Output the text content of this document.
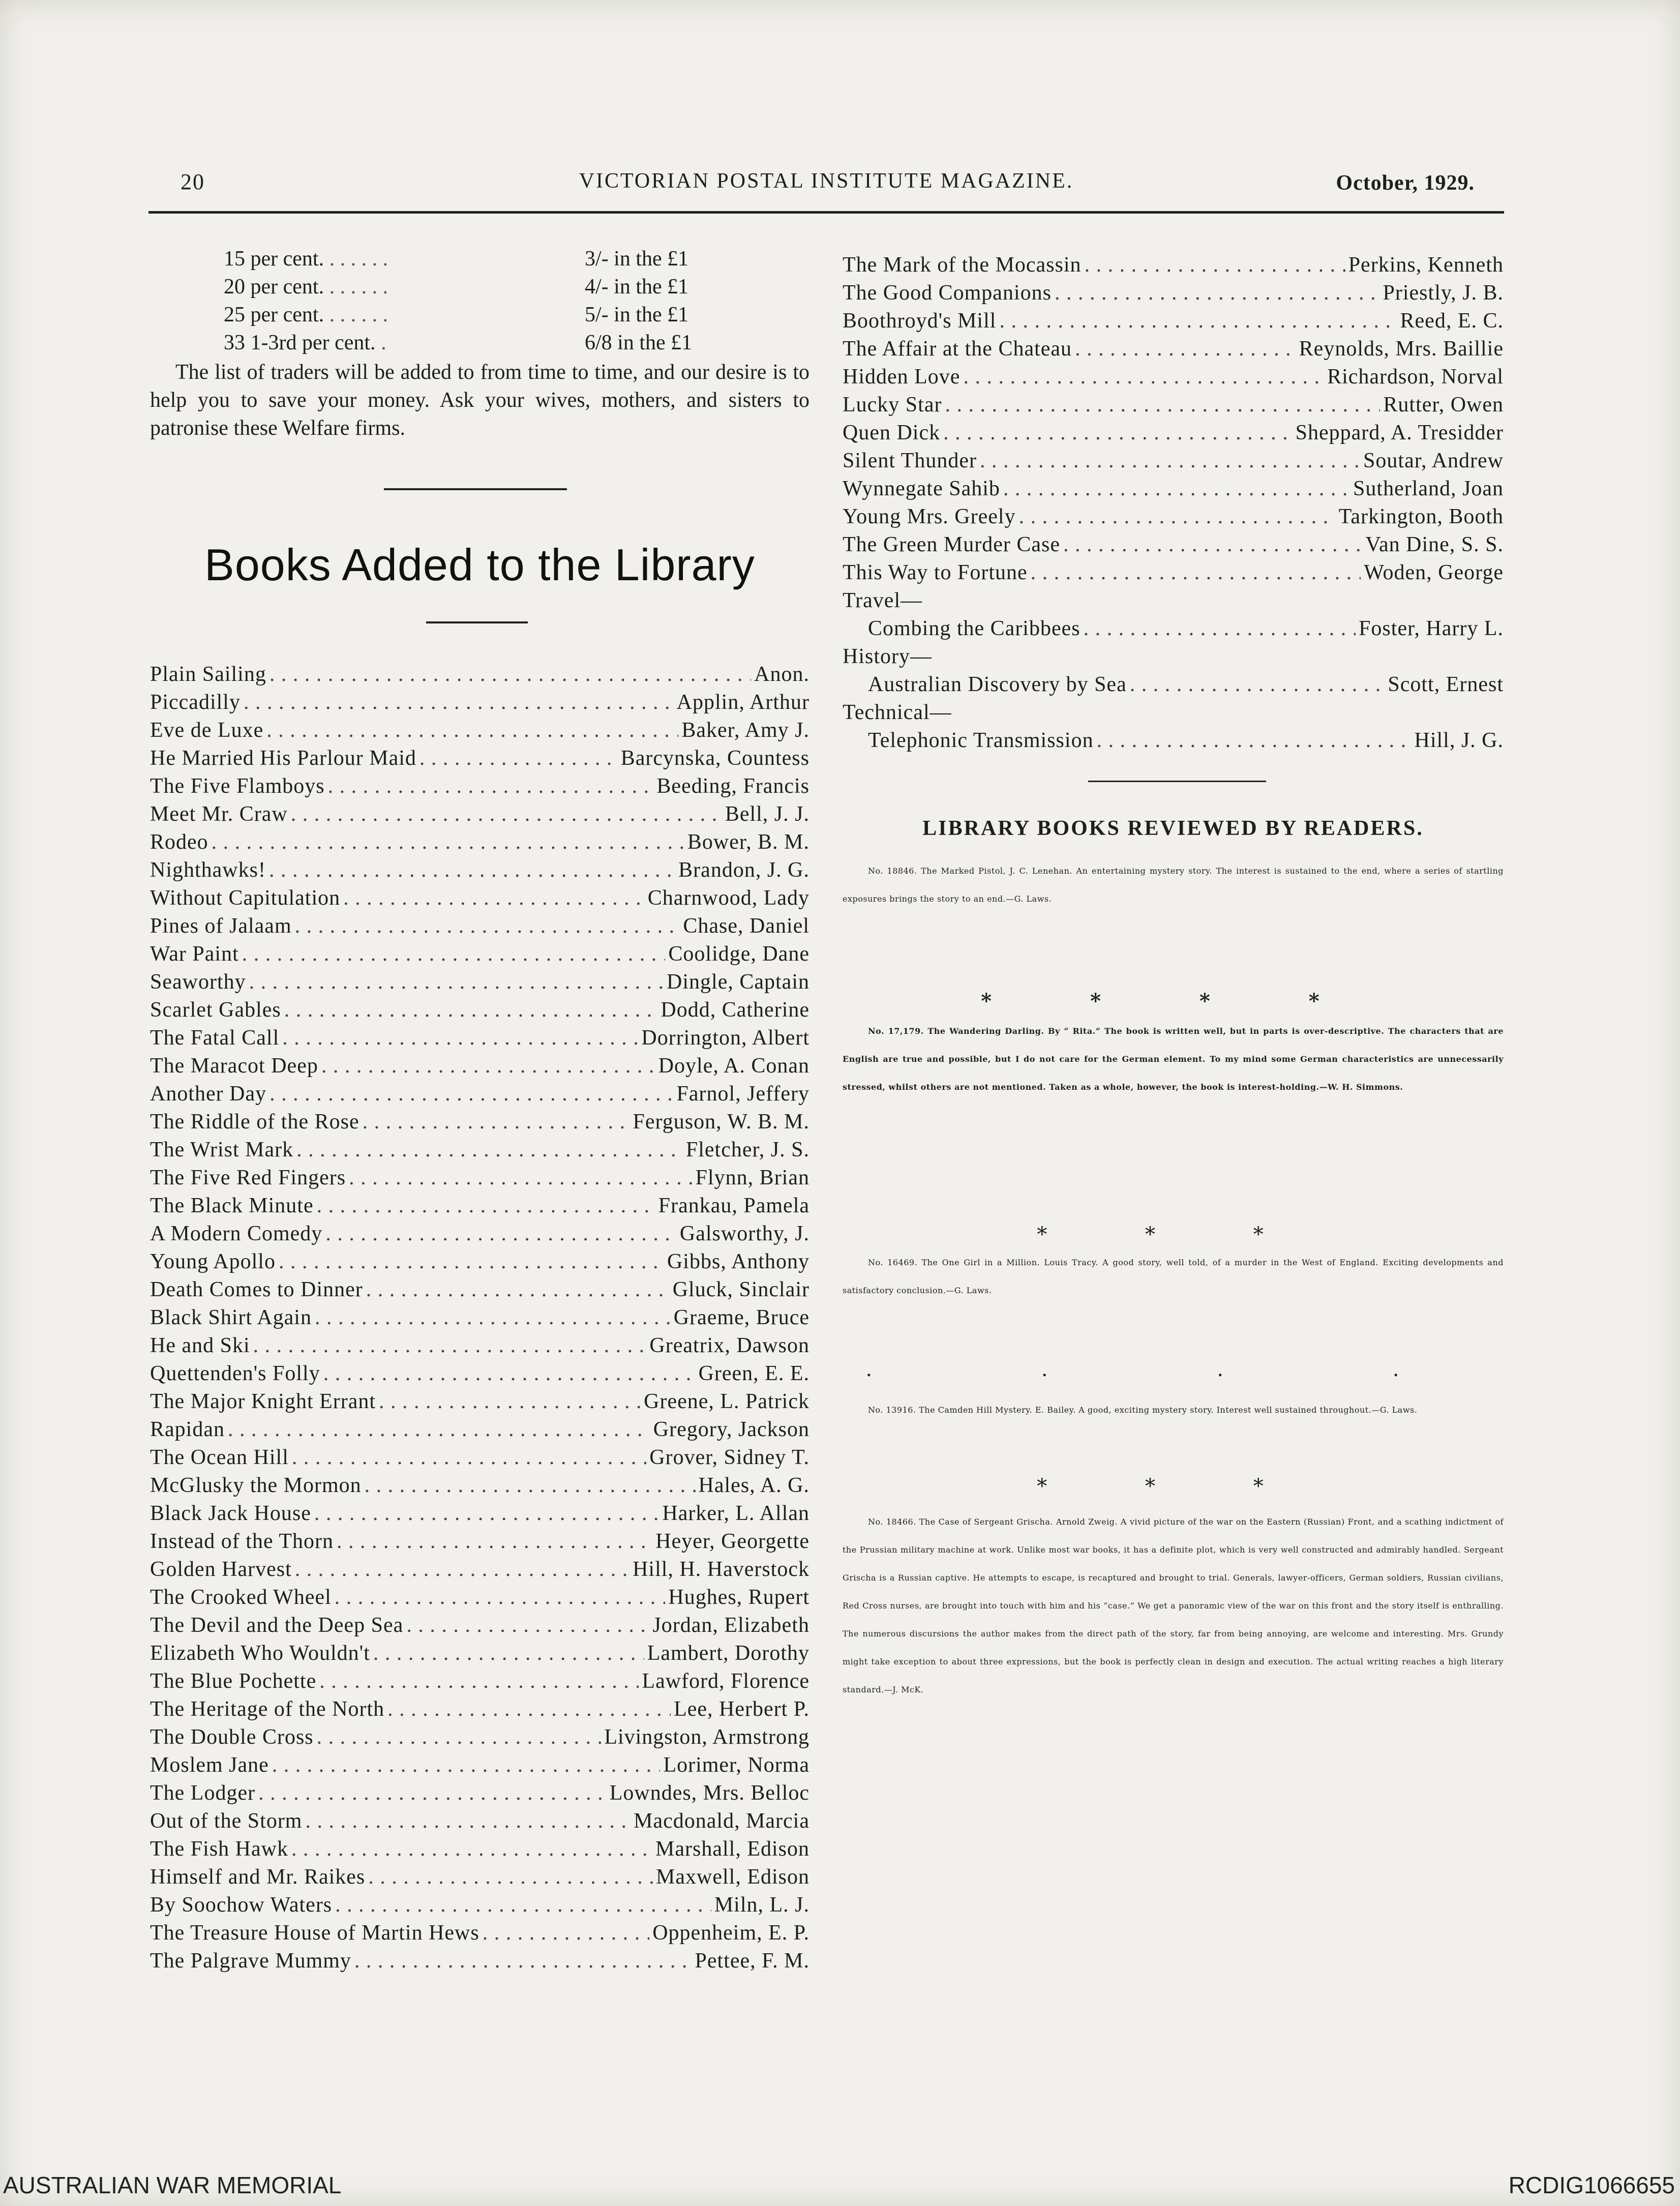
20	VICTORIAN POSTAL INSTITUTE MAGAZINE.	October, 1929.
15 per cent. . . .	3/- in the £1
20 per cent. . . .	4/- in the £1
25 per cent. . . .	5/- in the £1
33 1-3rd per cent. . . .	6/8 in the £1

The list of traders will be added to from time to time, and our desire is to help you to save your money. Ask your wives, mothers, and sisters to patronise these Welfare firms.

Books Added to the Library
Plain Sailing . . .	Anon.
Piccadilly . . .	Applin, Arthur
Eve de Luxe . . .	Baker, Amy J.
He Married His Parlour Maid . . .	Barcynska, Countess
The Five Flamboys . . .	Beeding, Francis
Meet Mr. Craw . . .	Bell, J. J.
Rodeo . . .	Bower, B. M.
Nighthawks! . . .	Brandon, J. G.
Without Capitulation . . .	Charnwood, Lady
Pines of Jalaam . . .	Chase, Daniel
War Paint . . .	Coolidge, Dane
Seaworthy . . .	Dingle, Captain
Scarlet Gables . . .	Dodd, Catherine
The Fatal Call . . .	Dorrington, Albert
The Maracot Deep . . .	Doyle, A. Conan
Another Day . . .	Farnol, Jeffery
The Riddle of the Rose . . .	Ferguson, W. B. M.
The Wrist Mark . . .	Fletcher, J. S.
The Five Red Fingers . . .	Flynn, Brian
The Black Minute . . .	Frankau, Pamela
A Modern Comedy . . .	Galsworthy, J.
Young Apollo . . .	Gibbs, Anthony
Death Comes to Dinner . . .	Gluck, Sinclair
Black Shirt Again . . .	Graeme, Bruce
He and Ski . . .	Greatrix, Dawson
Quettenden's Folly . . .	Green, E. E.
The Major Knight Errant . . .	Greene, L. Patrick
Rapidan . . .	Gregory, Jackson
The Ocean Hill . . .	Grover, Sidney T.
McGlusky the Mormon . . .	Hales, A. G.
Black Jack House . . .	Harker, L. Allan
Instead of the Thorn . . .	Heyer, Georgette
Golden Harvest . . .	Hill, H. Haverstock
The Crooked Wheel . . .	Hughes, Rupert
The Devil and the Deep Sea . . .	Jordan, Elizabeth
Elizabeth Who Wouldn't . . .	Lambert, Dorothy
The Blue Pochette . . .	Lawford, Florence
The Heritage of the North . . .	Lee, Herbert P.
The Double Cross . . .	Livingston, Armstrong
Moslem Jane . . .	Lorimer, Norma
The Lodger . . .	Lowndes, Mrs. Belloc
Out of the Storm . . .	Macdonald, Marcia
The Fish Hawk . . .	Marshall, Edison
Himself and Mr. Raikes . . .	Maxwell, Edison
By Soochow Waters . . .	Miln, L. J.
The Treasure House of Martin Hews . . .	Oppenheim, E. P.
The Palgrave Mummy . . .	Pettee, F. M.
The Mark of the Mocassin . . .	Perkins, Kenneth
The Good Companions . . .	Priestly, J. B.
Boothroyd's Mill . . .	Reed, E. C.
The Affair at the Chateau . . .	Reynolds, Mrs. Baillie
Hidden Love . . .	Richardson, Norval
Lucky Star . . .	Rutter, Owen
Quen Dick . . .	Sheppard, A. Tresidder
Silent Thunder . . .	Soutar, Andrew
Wynnegate Sahib . . .	Sutherland, Joan
Young Mrs. Greely . . .	Tarkington, Booth
The Green Murder Case . . .	Van Dine, S. S.
This Way to Fortune . . .	Woden, George
Travel—
Combing the Caribbees . . .	Foster, Harry L.
History—
Australian Discovery by Sea . . .	Scott, Ernest
Technical—
Telephonic Transmission . . .	Hill, J. G.
LIBRARY BOOKS REVIEWED BY READERS.

No. 18846. The Marked Pistol, J. C. Lenehan. An entertaining mystery story. The interest is sustained to the end, where a series of startling exposures brings the story to an end.—G. Laws.

* * * *

No. 17,179. The Wandering Darling. By “ Rita.” The book is written well, but in parts is over-descriptive. The characters that are English are true and possible, but I do not care for the German element. To my mind some German characteristics are unnecessarily stressed, whilst others are not mentioned. Taken as a whole, however, the book is interest-holding.—W. H. Simmons.

* * *

No. 16469. The One Girl in a Million. Louis Tracy. A good story, well told, of a murder in the West of England. Exciting developments and satisfactory conclusion.—G. Laws.

. . . .

No. 13916. The Camden Hill Mystery. E. Bailey. A good, exciting mystery story. Interest well sustained throughout.—G. Laws.

* * *

No. 18466. The Case of Sergeant Grischa. Arnold Zweig. A vivid picture of the war on the Eastern (Russian) Front, and a scathing indictment of the Prussian military machine at work. Unlike most war books, it has a definite plot, which is very well constructed and admirably handled. Sergeant Grischa is a Russian captive. He attempts to escape, is recaptured and brought to trial. Generals, lawyer-officers, German soldiers, Russian civilians, Red Cross nurses, are brought into touch with him and his “case.” We get a panoramic view of the war on this front and the story itself is enthralling. The numerous discursions the author makes from the direct path of the story, far from being annoying, are welcome and interesting. Mrs. Grundy might take exception to about three expressions, but the book is perfectly clean in design and execution. The actual writing reaches a high literary standard.—J. McK.

AUSTRALIAN WAR MEMORIAL	RCDIG1066655
